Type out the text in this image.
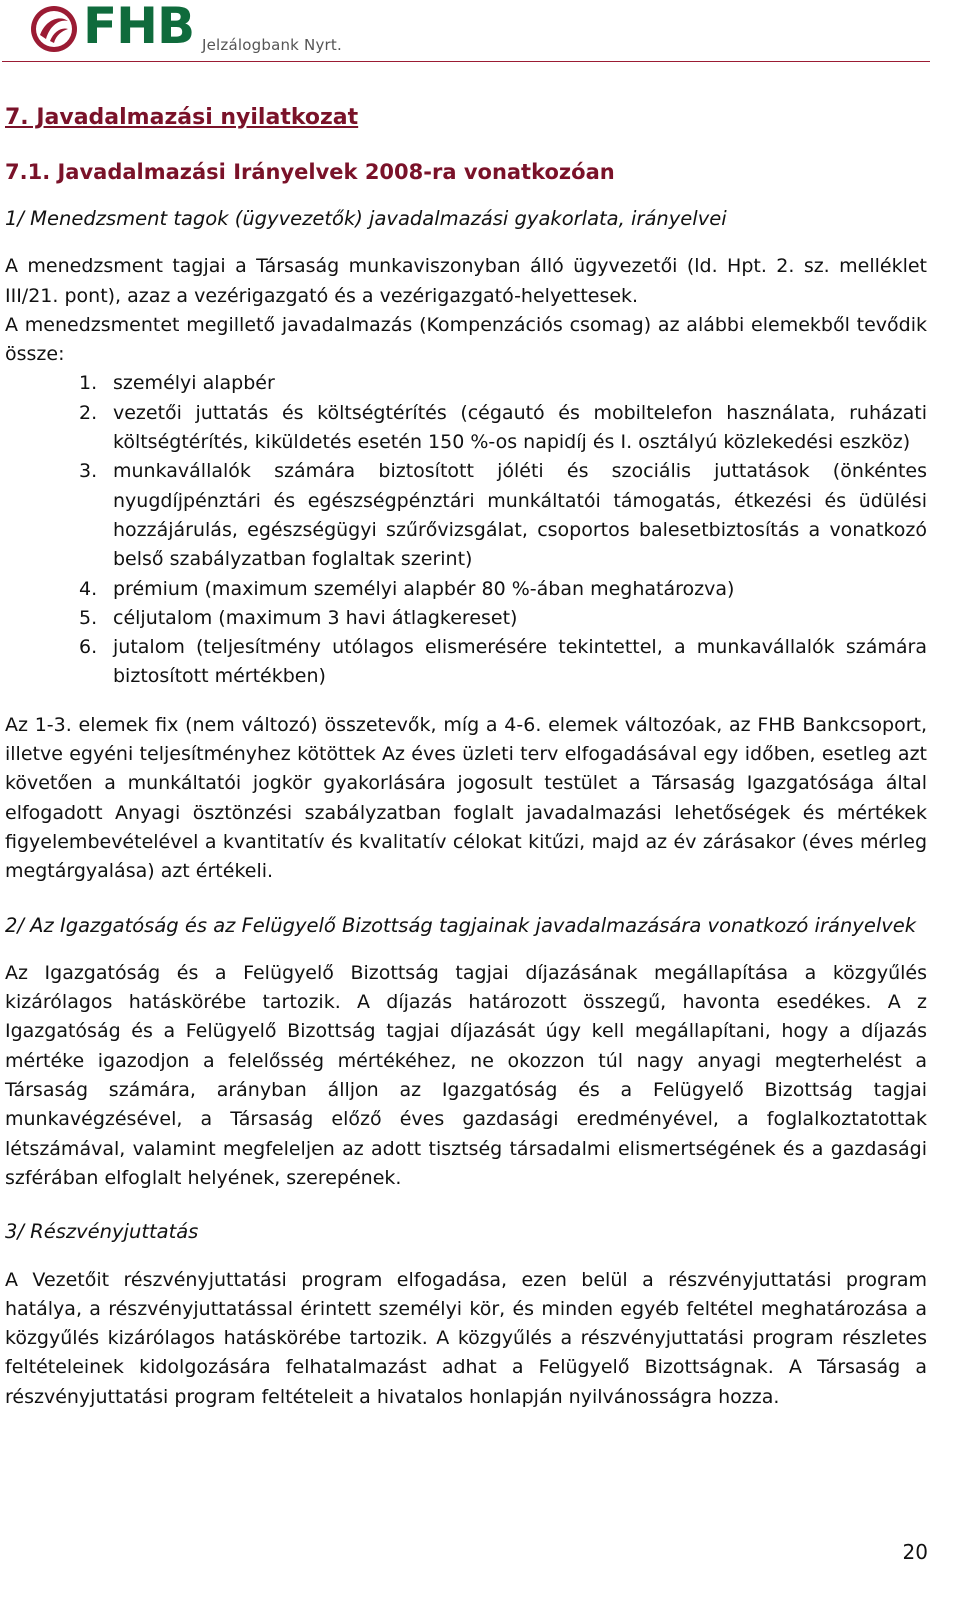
FHB Jelzálogbank Nyrt.
7. Javadalmazási nyilatkozat
7.1. Javadalmazási Irányelvek 2008-ra vonatkozóan
1/ Menedzsment tagok (ügyvezetők) javadalmazási gyakorlata, irányelvei

A menedzsment tagjai a Társaság munkaviszonyban álló ügyvezetői (ld. Hpt. 2. sz. melléklet III/21. pont), azaz a vezérigazgató és a vezérigazgató-helyettesek.

A menedzsmentet megillető javadalmazás (Kompenzációs csomag) az alábbi elemekből tevődik össze:

1. személyi alapbér
2. vezetői juttatás és költségtérítés (cégautó és mobiltelefon használata, ruházati költségtérítés, kiküldetés esetén 150 %-os napidíj és I. osztályú közlekedési eszköz)
3. munkavállalók számára biztosított jóléti és szociális juttatások (önkéntes nyugdíjpénztári és egészségpénztári munkáltatói támogatás, étkezési és üdülési hozzájárulás, egészségügyi szűrővizsgálat, csoportos balesetbiztosítás a vonatkozó belső szabályzatban foglaltak szerint)
4. prémium (maximum személyi alapbér 80 %-ában meghatározva)
5. céljutalom (maximum 3 havi átlagkereset)
6. jutalom (teljesítmény utólagos elismerésére tekintettel, a munkavállalók számára biztosított mértékben)

Az 1-3. elemek fix (nem változó) összetevők, míg a 4-6. elemek változóak, az FHB Bankcsoport, illetve egyéni teljesítményhez kötöttek Az éves üzleti terv elfogadásával egy időben, esetleg azt követően a munkáltatói jogkör gyakorlására jogosult testület a Társaság Igazgatósága által elfogadott Anyagi ösztönzési szabályzatban foglalt javadalmazási lehetőségek és mértékek figyelembevételével a kvantitatív és kvalitatív célokat kitűzi, majd az év zárásakor (éves mérleg megtárgyalása) azt értékeli.

2/ Az Igazgatóság és az Felügyelő Bizottság tagjainak javadalmazására vonatkozó irányelvek

Az Igazgatóság és a Felügyelő Bizottság tagjai díjazásának megállapítása a közgyűlés kizárólagos hatáskörébe tartozik. A díjazás határozott összegű, havonta esedékes. A z Igazgatóság és a Felügyelő Bizottság tagjai díjazását úgy kell megállapítani, hogy a díjazás mértéke igazodjon a felelősség mértékéhez, ne okozzon túl nagy anyagi megterhelést a Társaság számára, arányban álljon az Igazgatóság és a Felügyelő Bizottság tagjai munkavégzésével, a Társaság előző éves gazdasági eredményével, a foglalkoztatottak létszámával, valamint megfeleljen az adott tisztség társadalmi elismertségének és a gazdasági szférában elfoglalt helyének, szerepének.

3/ Részvényjuttatás

A Vezetőit részvényjuttatási program elfogadása, ezen belül a részvényjuttatási program hatálya, a részvényjuttatással érintett személyi kör, és minden egyéb feltétel meghatározása a közgyűlés kizárólagos hatáskörébe tartozik. A közgyűlés a részvényjuttatási program részletes feltételeinek kidolgozására felhatalmazást adhat a Felügyelő Bizottságnak. A Társaság a részvényjuttatási program feltételeit a hivatalos honlapján nyilvánosságra hozza.

20
